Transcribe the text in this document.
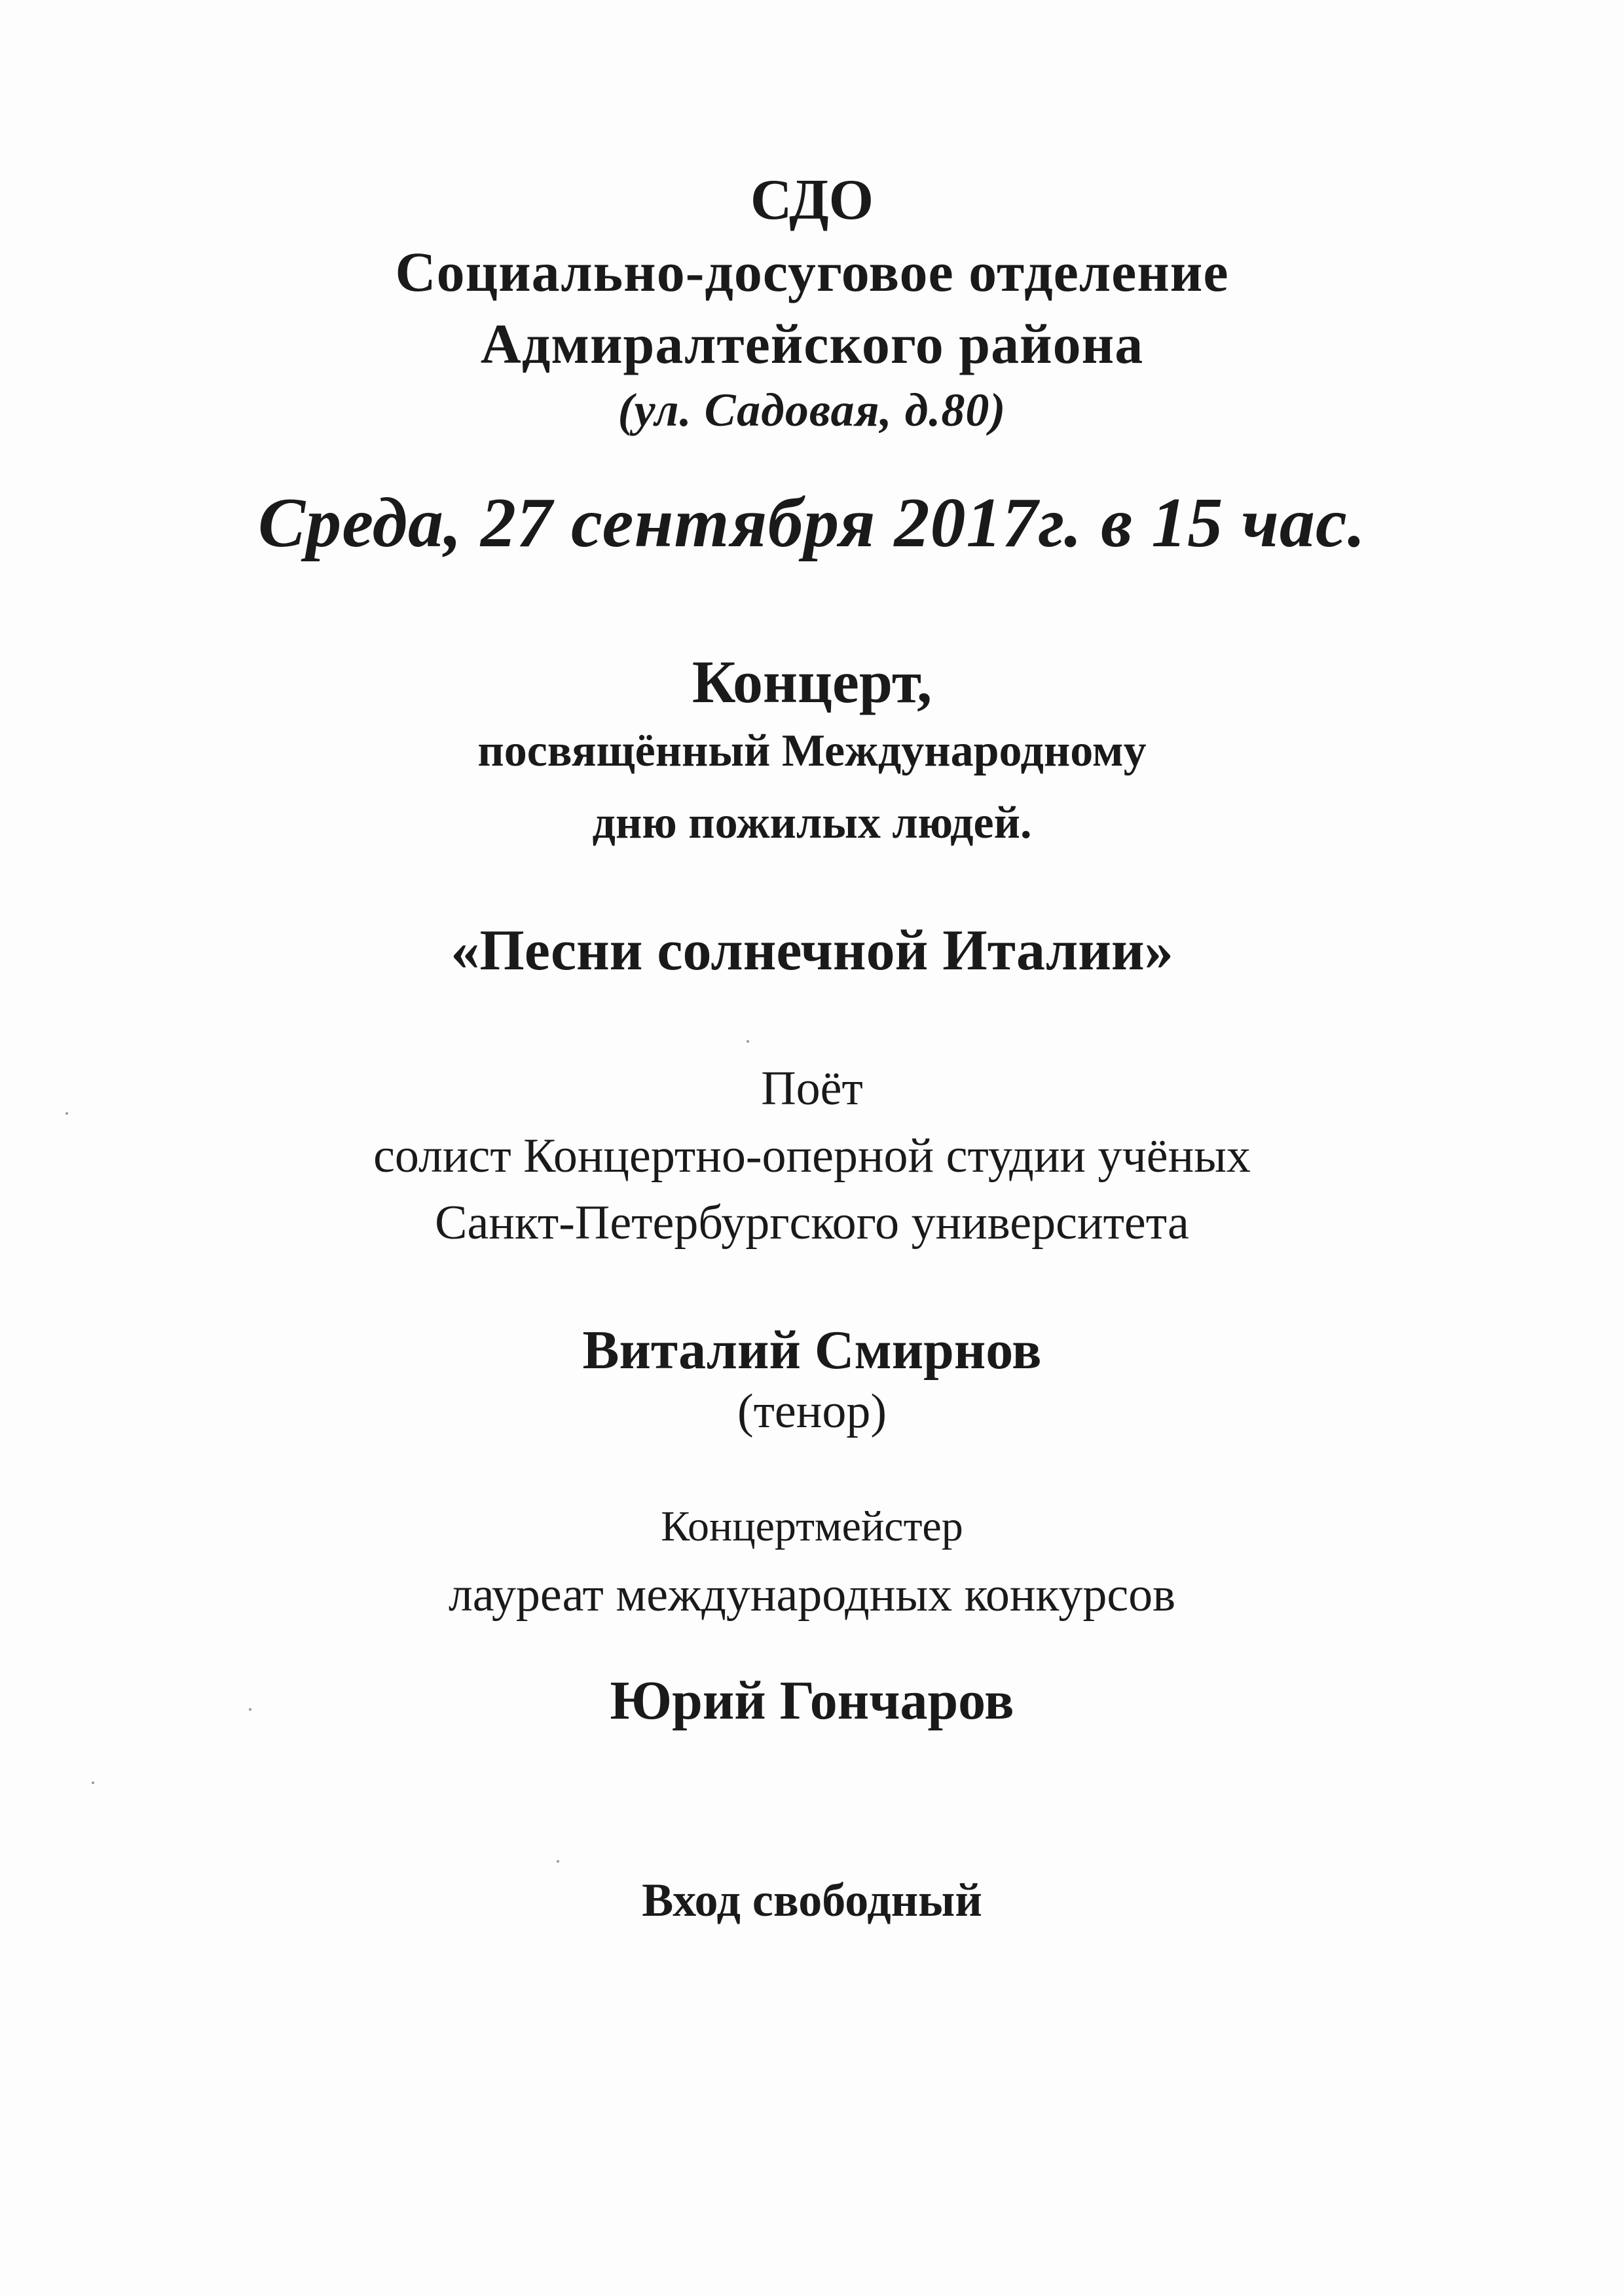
СДО
Социально-досуговое отделение
Адмиралтейского района
(ул. Садовая, д.80)
Среда, 27 сентября 2017г. в 15 час.
Концерт,
посвящённый Международному
дню пожилых людей.
«Песни солнечной Италии»
Поёт
солист Концертно-оперной студии учёных
Санкт-Петербургского университета
Виталий Смирнов
(тенор)
Концертмейстер
лауреат международных конкурсов
Юрий Гончаров
Вход свободный
